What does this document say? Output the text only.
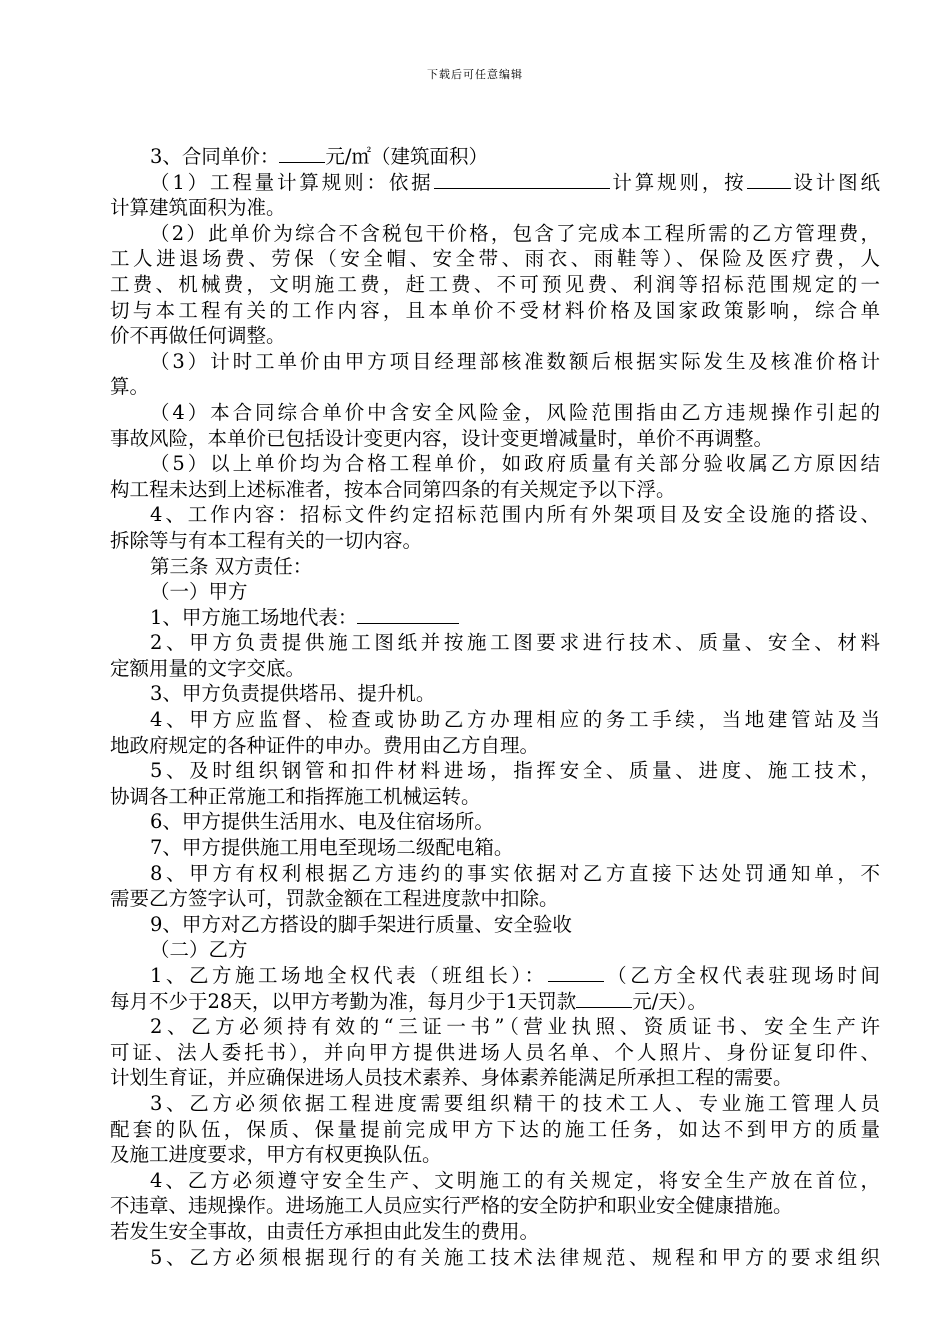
下载后可任意编辑
3、合同单价： 元/㎡（建筑面积）
（1）工程量计算规则：依据	计算规则，按 设计图纸
计算建筑面积为准。
（2）此单价为综合不含税包干价格，包含了完成本工程所需的乙方管理费，
工人进退场费、劳保（安全帽、安全带、雨衣、雨鞋等）、保险及医疗费，人
工费、机械费，文明施工费，赶工费、不可预见费、利润等招标范围规定的一
切与本工程有关的工作内容，且本单价不受材料价格及国家政策影响，综合单
价不再做任何调整。
（3）计时工单价由甲方项目经理部核准数额后根据实际发生及核准价格计
算。
（4）本合同综合单价中含安全风险金，风险范围指由乙方违规操作引起的
事故风险，本单价已包括设计变更内容，设计变更增减量时，单价不再调整。
（5）以上单价均为合格工程单价，如政府质量有关部分验收属乙方原因结
构工程未达到上述标准者，按本合同第四条的有关规定予以下浮。
4、工作内容：招标文件约定招标范围内所有外架项目及安全设施的搭设、
拆除等与有本工程有关的一切内容。
第三条 双方责任：
（一）甲方
1、甲方施工场地代表：
2、甲方负责提供施工图纸并按施工图要求进行技术、质量、安全、材料
定额用量的文字交底。
3、甲方负责提供塔吊、提升机。
4、甲方应监督、检查或协助乙方办理相应的务工手续，当地建管站及当
地政府规定的各种证件的申办。费用由乙方自理。
5、及时组织钢管和扣件材料进场，指挥安全、质量、进度、施工技术，
协调各工种正常施工和指挥施工机械运转。
6、甲方提供生活用水、电及住宿场所。
7、甲方提供施工用电至现场二级配电箱。
8、甲方有权利根据乙方违约的事实依据对乙方直接下达处罚通知单，不
需要乙方签字认可，罚款金额在工程进度款中扣除。
9、甲方对乙方搭设的脚手架进行质量、安全验收
（二）乙方
1、乙方施工场地全权代表（班组长）：	（乙方全权代表驻现场时间
每月不少于28天，以甲方考勤为准，每月少于1天罚款	元/天）。
2、乙方必须持有效的“三证一书”（营业执照、资质证书、安全生产许
可证、法人委托书），并向甲方提供进场人员名单、个人照片、身份证复印件、
计划生育证，并应确保进场人员技术素养、身体素养能满足所承担工程的需要。
3、乙方必须依据工程进度需要组织精干的技术工人、专业施工管理人员
配套的队伍，保质、保量提前完成甲方下达的施工任务，如达不到甲方的质量
及施工进度要求，甲方有权更换队伍。
4、乙方必须遵守安全生产、文明施工的有关规定，将安全生产放在首位，
不违章、违规操作。进场施工人员应实行严格的安全防护和职业安全健康措施。
若发生安全事故，由责任方承担由此发生的费用。
5、乙方必须根据现行的有关施工技术法律规范、规程和甲方的要求组织
